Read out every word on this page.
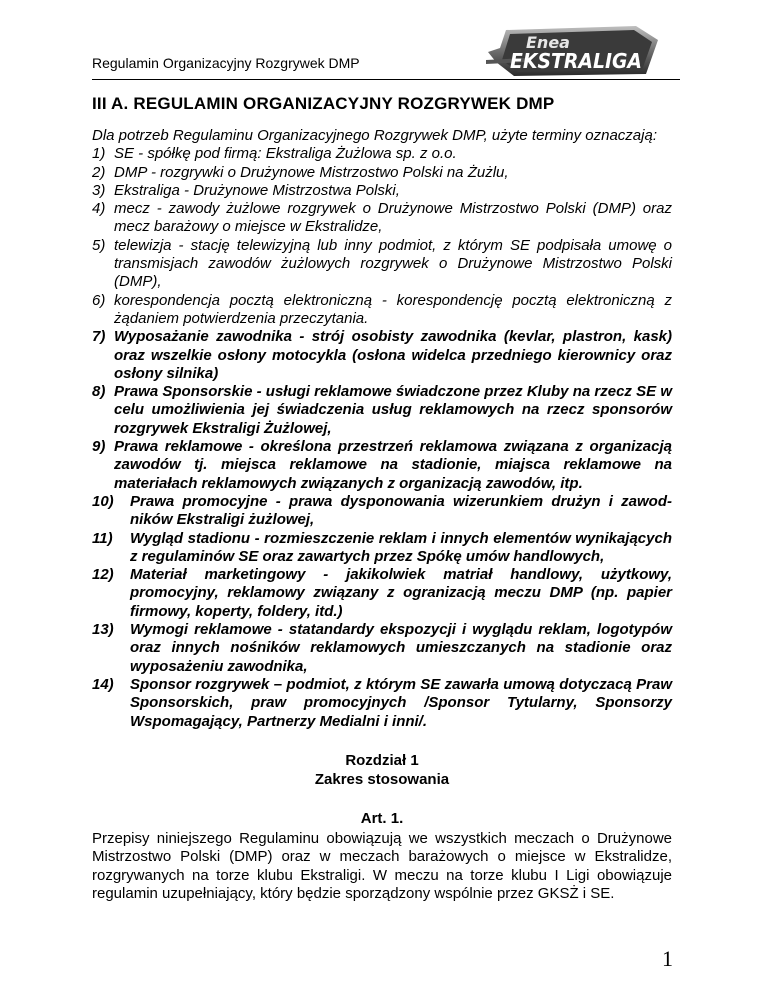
Regulamin Organizacyjny Rozgrywek DMP
Enea
EKSTRALIGA
III A. REGULAMIN ORGANIZACYJNY ROZGRYWEK DMP

Dla potrzeb Regulaminu Organizacyjnego Rozgrywek DMP, użyte terminy oznaczają:

1) SE - spółkę pod firmą: Ekstraliga Żużlowa sp. z o.o.
2) DMP - rozgrywki o Drużynowe Mistrzostwo Polski na Żużlu,
3) Ekstraliga - Drużynowe Mistrzostwa Polski,
4) mecz - zawody żużlowe rozgrywek o Drużynowe Mistrzostwo Polski (DMP) oraz mecz barażowy o miejsce w Ekstralidze,
5) telewizja - stację telewizyjną lub inny podmiot, z którym SE podpisała umowę o transmisjach zawodów żużlowych rozgrywek o Drużynowe Mistrzostwo Polski (DMP),
6) korespondencja pocztą elektroniczną - korespondencję pocztą elektroniczną z żądaniem potwierdzenia przeczytania.
7) Wyposażanie zawodnika - strój osobisty zawodnika (kevlar, plastron, kask) oraz wszelkie osłony motocykla (osłona widelca przedniego kierownicy oraz osłony silnika)
8) Prawa Sponsorskie - usługi reklamowe świadczone przez Kluby na rzecz SE w celu umożliwienia jej świadczenia usług reklamowych na rzecz sponsorów rozgrywek Ekstraligi Żużlowej,
9) Prawa reklamowe - określona przestrzeń reklamowa związana z organizacją zawodów tj. miejsca reklamowe na stadionie, miajsca reklamowe na materiałach reklamowych związanych z organizacją zawodów, itp.
10) Prawa promocyjne - prawa dysponowania wizerunkiem drużyn i zawod-ników Ekstraligi żużlowej,
11) Wygląd stadionu - rozmieszczenie reklam i innych elementów wynikających z regulaminów SE oraz zawartych przez Spókę umów handlowych,
12) Materiał marketingowy - jakikolwiek matriał handlowy, użytkowy, promocyjny, reklamowy związany z ogranizacją meczu DMP (np. papier firmowy, koperty, foldery, itd.)
13) Wymogi reklamowe - statandardy ekspozycji i wyglądu reklam, logotypów oraz innych nośników reklamowych umieszczanych na stadionie oraz wyposażeniu zawodnika,
14) Sponsor rozgrywek – podmiot, z którym SE zawarła umową dotyczacą Praw Sponsorskich, praw promocyjnych /Sponsor Tytularny, Sponsorzy Wspomagający, Partnerzy Medialni i inni/.
Rozdział 1
Zakres stosowania
Art. 1.

Przepisy niniejszego Regulaminu obowiązują we wszystkich meczach o Drużynowe Mistrzostwo Polski (DMP) oraz w meczach barażowych o miejsce w Ekstralidze, rozgrywanych na torze klubu Ekstraligi. W meczu na torze klubu I Ligi obowiązuje regulamin uzupełniający, który będzie sporządzony wspólnie przez GKSŻ i SE.

1
